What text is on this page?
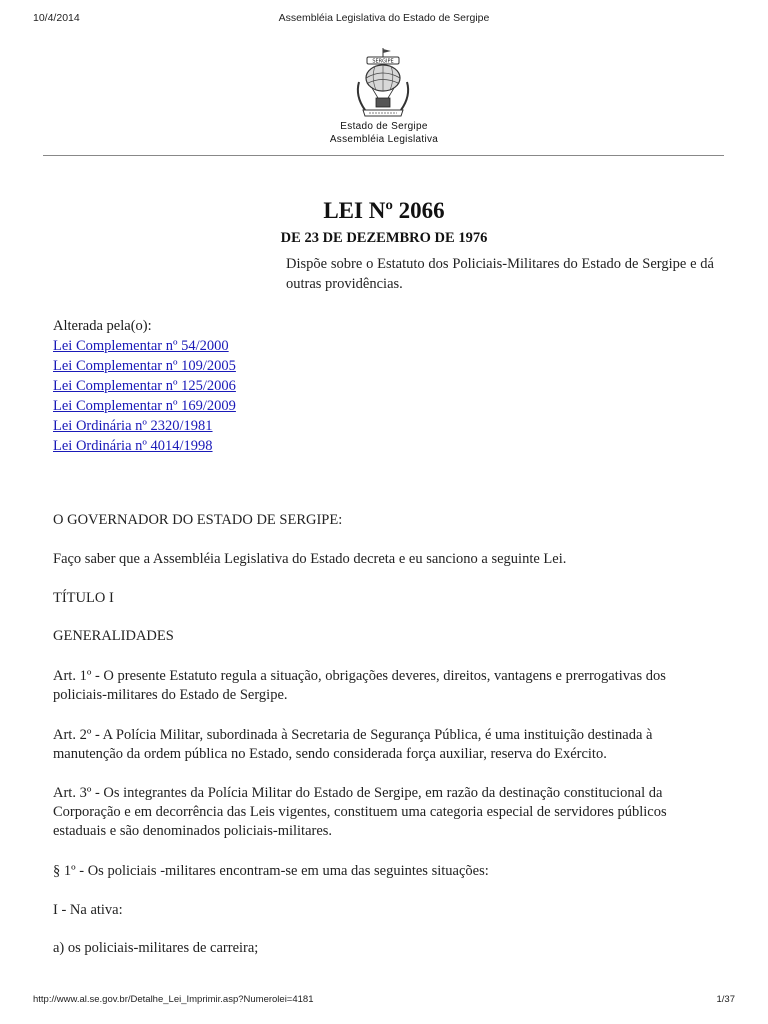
10/4/2014	Assembléia Legislativa do Estado de Sergipe
SERGIPE
Estado de Sergipe
Assembléia Legislativa
LEI Nº 2066
DE 23 DE DEZEMBRO DE 1976
Dispõe sobre o Estatuto dos Policiais-Militares do Estado de Sergipe e dá outras providências.
Alterada pela(o):
Lei Complementar nº 54/2000
Lei Complementar nº 109/2005
Lei Complementar nº 125/2006
Lei Complementar nº 169/2009
Lei Ordinária nº 2320/1981
Lei Ordinária nº 4014/1998
O GOVERNADOR DO ESTADO DE SERGIPE:
Faço saber que a Assembléia Legislativa do Estado decreta e eu sanciono a seguinte Lei.
TÍTULO I
GENERALIDADES
Art. 1º - O presente Estatuto regula a situação, obrigações deveres, direitos, vantagens e prerrogativas dos policiais-militares do Estado de Sergipe.
Art. 2º - A Polícia Militar, subordinada à Secretaria de Segurança Pública, é uma instituição destinada à manutenção da ordem pública no Estado, sendo considerada força auxiliar, reserva do Exército.
Art. 3º - Os integrantes da Polícia Militar do Estado de Sergipe, em razão da destinação constitucional da Corporação e em decorrência das Leis vigentes, constituem uma categoria especial de servidores públicos estaduais e são denominados policiais-militares.
§ 1º - Os policiais -militares encontram-se em uma das seguintes situações:
I - Na ativa:
a) os policiais-militares de carreira;
http://www.al.se.gov.br/Detalhe_Lei_Imprimir.asp?Numerolei=4181	1/37
